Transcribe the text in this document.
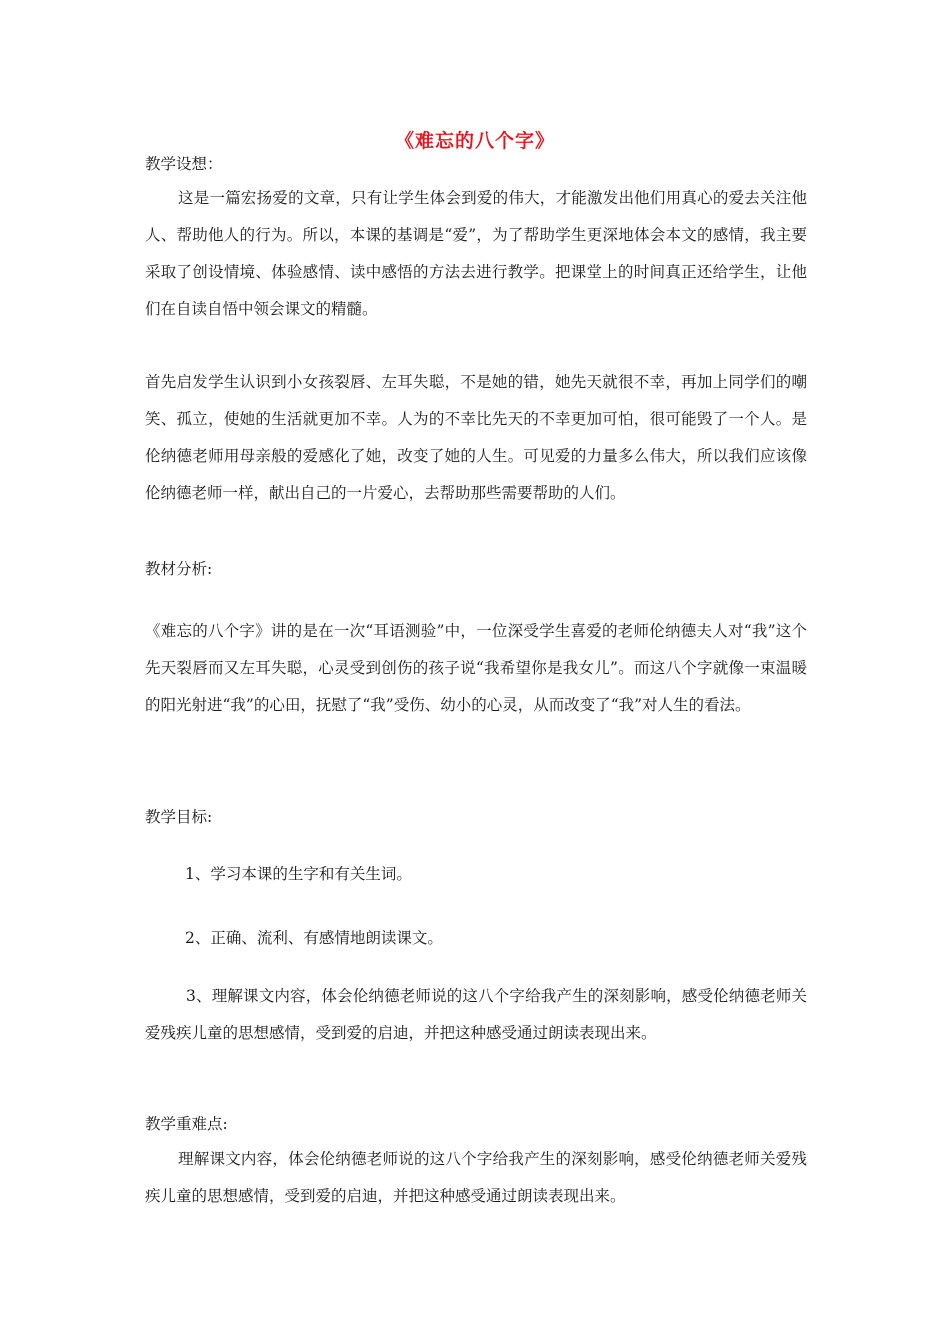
《难忘的八个字》
教学设想：
这是一篇宏扬爱的文章，只有让学生体会到爱的伟大，才能激发出他们用真心的爱去关注他人、帮助他人的行为。所以，本课的基调是“爱”，为了帮助学生更深地体会本文的感情，我主要采取了创设情境、体验感情、读中感悟的方法去进行教学。把课堂上的时间真正还给学生，让他们在自读自悟中领会课文的精髓。
首先启发学生认识到小女孩裂唇、左耳失聪，不是她的错，她先天就很不幸，再加上同学们的嘲笑、孤立，使她的生活就更加不幸。人为的不幸比先天的不幸更加可怕，很可能毁了一个人。是伦纳德老师用母亲般的爱感化了她，改变了她的人生。可见爱的力量多么伟大，所以我们应该像伦纳德老师一样，献出自己的一片爱心，去帮助那些需要帮助的人们。
教材分析:
《难忘的八个字》讲的是在一次“耳语测验”中，一位深受学生喜爱的老师伦纳德夫人对“我”这个先天裂唇而又左耳失聪，心灵受到创伤的孩子说“我希望你是我女儿”。而这八个字就像一束温暖的阳光射进“我”的心田，抚慰了“我”受伤、幼小的心灵，从而改变了“我”对人生的看法。
教学目标:
1、学习本课的生字和有关生词。
2、正确、流利、有感情地朗读课文。
3、理解课文内容，体会伦纳德老师说的这八个字给我产生的深刻影响，感受伦纳德老师关爱残疾儿童的思想感情，受到爱的启迪，并把这种感受通过朗读表现出来。
教学重难点:
理解课文内容，体会伦纳德老师说的这八个字给我产生的深刻影响，感受伦纳德老师关爱残疾儿童的思想感情，受到爱的启迪，并把这种感受通过朗读表现出来。
